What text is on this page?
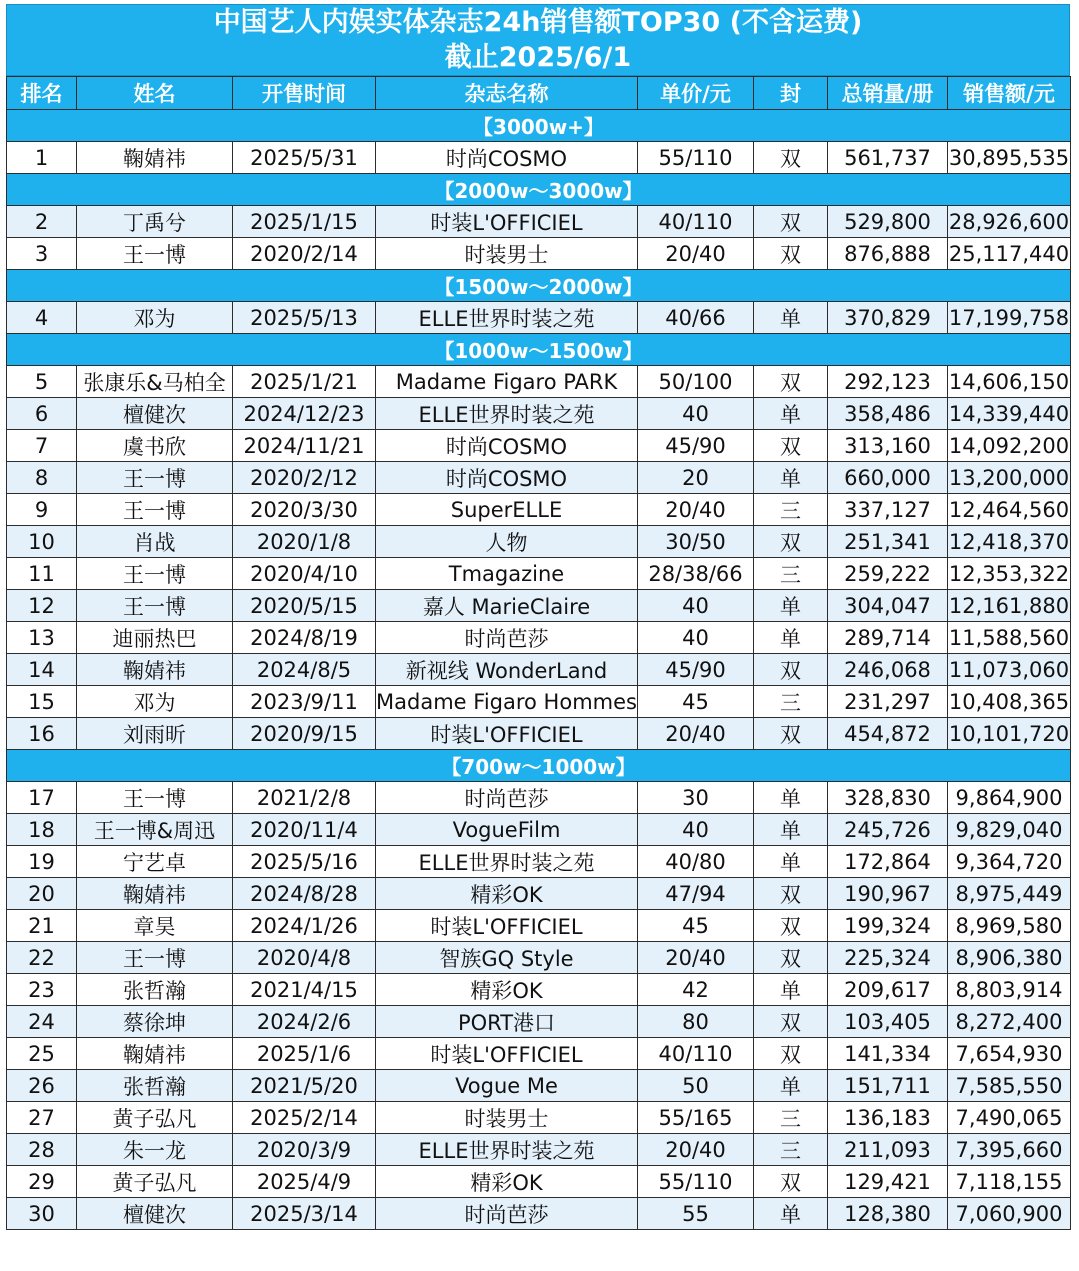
中国艺人内娱实体杂志24h销售额TOP30 (不含运费)
截止2025/6/1
排名	姓名	开售时间	杂志名称	单价/元	封	总销量/册	销售额/元
【3000w+】							
1	鞠婧祎	2025/5/31	时尚COSMO	55/110	双	561,737	30,895,535
【2000w～3000w】							
2	丁禹兮	2025/1/15	时装L'OFFICIEL	40/110	双	529,800	28,926,600
3	王一博	2020/2/14	时装男士	20/40	双	876,888	25,117,440
【1500w～2000w】							
4	邓为	2025/5/13	ELLE世界时装之苑	40/66	单	370,829	17,199,758
【1000w～1500w】							
5	张康乐&马柏全	2025/1/21	Madame Figaro PARK	50/100	双	292,123	14,606,150
6	檀健次	2024/12/23	ELLE世界时装之苑	40	单	358,486	14,339,440
7	虞书欣	2024/11/21	时尚COSMO	45/90	双	313,160	14,092,200
8	王一博	2020/2/12	时尚COSMO	20	单	660,000	13,200,000
9	王一博	2020/3/30	SuperELLE	20/40	三	337,127	12,464,560
10	肖战	2020/1/8	人物	30/50	双	251,341	12,418,370
11	王一博	2020/4/10	Tmagazine	28/38/66	三	259,222	12,353,322
12	王一博	2020/5/15	嘉人 MarieClaire	40	单	304,047	12,161,880
13	迪丽热巴	2024/8/19	时尚芭莎	40	单	289,714	11,588,560
14	鞠婧祎	2024/8/5	新视线 WonderLand	45/90	双	246,068	11,073,060
15	邓为	2023/9/11	Madame Figaro Hommes	45	三	231,297	10,408,365
16	刘雨昕	2020/9/15	时装L'OFFICIEL	20/40	双	454,872	10,101,720
【700w～1000w】							
17	王一博	2021/2/8	时尚芭莎	30	单	328,830	9,864,900
18	王一博&周迅	2020/11/4	VogueFilm	40	单	245,726	9,829,040
19	宁艺卓	2025/5/16	ELLE世界时装之苑	40/80	单	172,864	9,364,720
20	鞠婧祎	2024/8/28	精彩OK	47/94	双	190,967	8,975,449
21	章昊	2024/1/26	时装L'OFFICIEL	45	双	199,324	8,969,580
22	王一博	2020/4/8	智族GQ Style	20/40	双	225,324	8,906,380
23	张哲瀚	2021/4/15	精彩OK	42	单	209,617	8,803,914
24	蔡徐坤	2024/2/6	PORT港口	80	双	103,405	8,272,400
25	鞠婧祎	2025/1/6	时装L'OFFICIEL	40/110	双	141,334	7,654,930
26	张哲瀚	2021/5/20	Vogue Me	50	单	151,711	7,585,550
27	黄子弘凡	2025/2/14	时装男士	55/165	三	136,183	7,490,065
28	朱一龙	2020/3/9	ELLE世界时装之苑	20/40	三	211,093	7,395,660
29	黄子弘凡	2025/4/9	精彩OK	55/110	双	129,421	7,118,155
30	檀健次	2025/3/14	时尚芭莎	55	单	128,380	7,060,900
